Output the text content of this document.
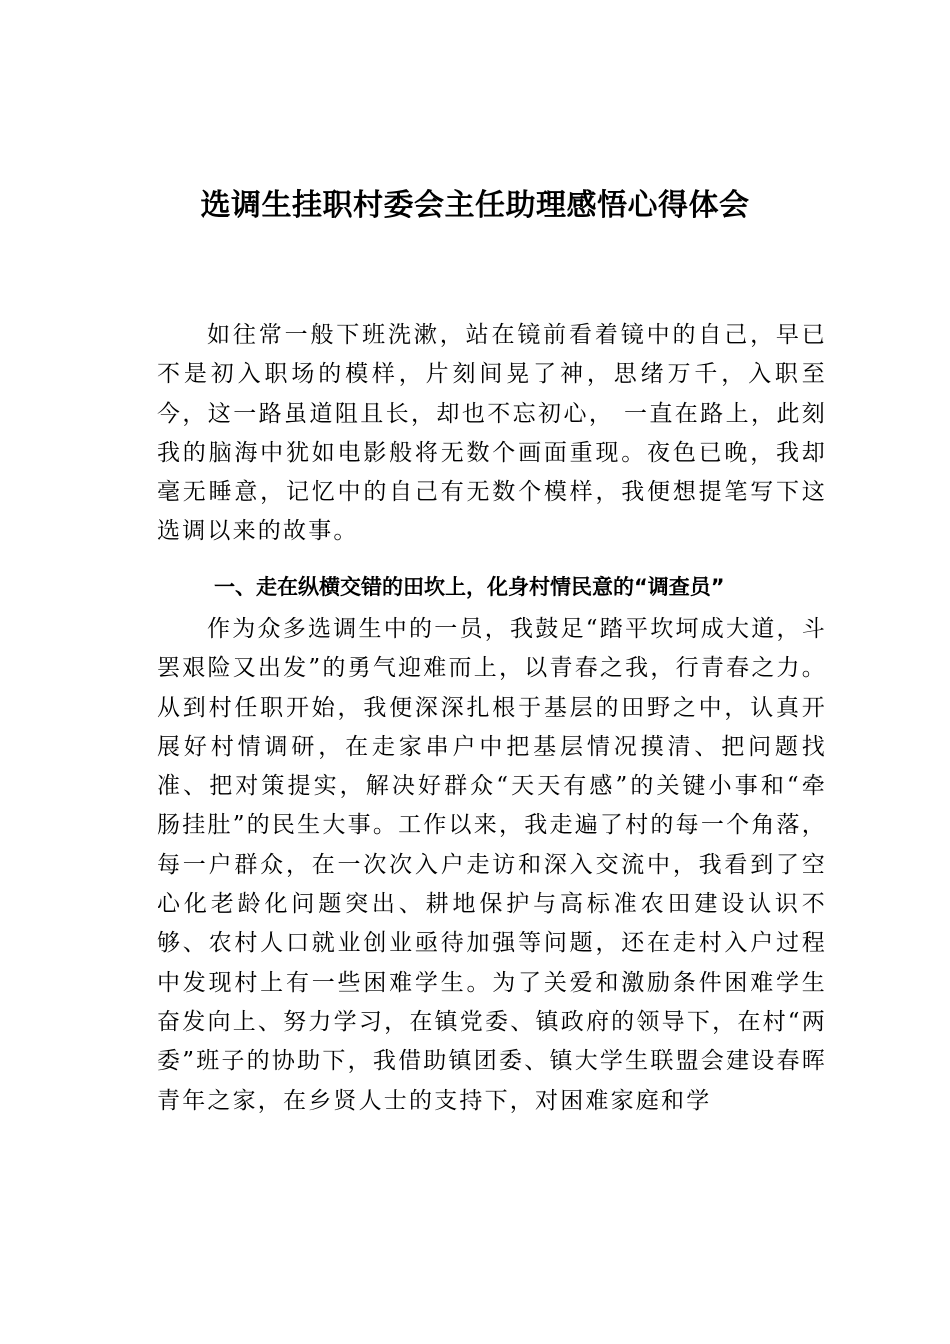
选调生挂职村委会主任助理感悟心得体会

如往常一般下班洗漱，站在镜前看着镜中的自己，早已不是初入职场的模样，片刻间晃了神，思绪万千，入职至今，这一路虽道阻且长，却也不忘初心， 一直在路上，此刻我的脑海中犹如电影般将无数个画面重现。夜色已晚，我却毫无睡意，记忆中的自己有无数个模样，我便想提笔写下这选调以来的故事。

一、走在纵横交错的田坎上，化身村情民意的“调查员”

作为众多选调生中的一员，我鼓足“踏平坎坷成大道，斗罢艰险又出发”的勇气迎难而上，以青春之我，行青春之力。从到村任职开始，我便深深扎根于基层的田野之中，认真开展好村情调研，在走家串户中把基层情况摸清、把问题找准、把对策提实，解决好群众“天天有感”的关键小事和“牵肠挂肚”的民生大事。工作以来，我走遍了村的每一个角落，每一户群众，在一次次入户走访和深入交流中，我看到了空心化老龄化问题突出、耕地保护与高标准农田建设认识不够、农村人口就业创业亟待加强等问题，还在走村入户过程中发现村上有一些困难学生。为了关爱和激励条件困难学生奋发向上、努力学习，在镇党委、镇政府的领导下，在村“两委”班子的协助下，我借助镇团委、镇大学生联盟会建设春晖青年之家，在乡贤人士的支持下，对困难家庭和学
